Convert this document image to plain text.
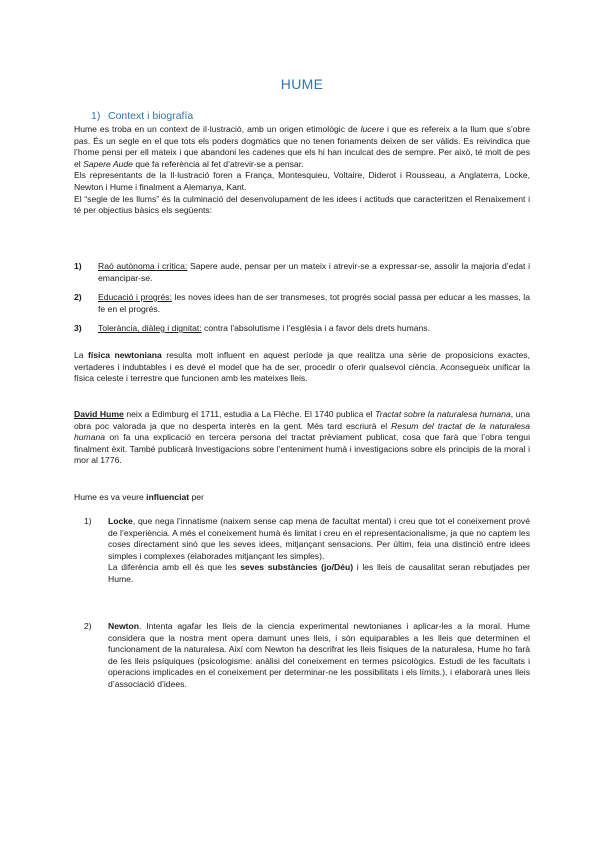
HUME
1) Context i biografía

Hume es troba en un context de il·lustració, amb un origen etimològic de lucere i que es refereix a la llum que s’obre pas. És un segle en el que tots els poders dogmàtics que no tenen fonaments deixen de ser vàlids. Es reivindica que l’home pensi per ell mateix i que abandoni les cadenes que els hi han inculcat des de sempre. Per això, té molt de pes el Sapere Aude que fa referència al fet d’atrevir-se a pensar.

Els representants de la Il·lustració foren a França, Montesquieu, Voltaire, Diderot i Rousseau, a Anglaterra, Locke, Newton i Hume i finalment a Alemanya, Kant.

El “segle de les llums” és la culminació del desenvolupament de les idees i actituds que caracteritzen el Renaixement i té per objectius bàsics els següents:

1) Raó autònoma i crítica: Sapere aude, pensar per un mateix i atrevir-se a expressar-se, assolir la majoria d’edat i emancipar-se.
2) Educació i progrés: les noves idees han de ser transmeses, tot progrés social passa per educar a les masses, la fe en el progrés.
3) Tolerància, diàleg i dignitat: contra l’absolutisme i l’església i a favor dels drets humans.

La física newtoniana resulta molt influent en aquest període ja que realitza una sèrie de proposicions exactes, vertaderes i indubtables i es devé el model que ha de ser, procedir o oferir qualsevol ciència. Aconsegueix unificar la física celeste i terrestre que funcionen amb les mateixes lleis.

David Hume neix a Edimburg el 1711, estudia a La Flèche. El 1740 publica el Tractat sobre la naturalesa humana, una obra poc valorada ja que no desperta interès en la gent. Més tard escriurà el Resum del tractat de la naturalesa humana on fa una explicació en tercera persona del tractat prèviament publicat, cosa que farà que l’obra tengui finalment èxit. També publicarà Investigacions sobre l’enteniment humà i investigacions sobre els principis de la moral i mor al 1776.

Hume es va veure influenciat per

1) Locke, que nega l’innatisme (naixem sense cap mena de facultat mental) i creu que tot el coneixement prové de l’experiència. A més el coneixement humà és limitat i creu en el representacionalisme, ja que no captem les coses directament sinó que les seves idees, mitjançant sensacions. Per últim, feia una distinció entre idees simples i complexes (elaborades mitjançant les simples).

La diferència amb ell és que les seves substàncies (jo/Déu) i les lleis de causalitat seran rebutjades per Hume.

2) Newton. Intenta agafar les lleis de la ciencia experimental newtonianes i aplicar-les a la moral. Hume considera que la nostra ment opera damunt unes lleis, i són equiparables a les lleis que determinen el funcionament de la naturalesa. Així com Newton ha descrifrat les lleis físiques de la naturalesa, Hume ho farà de les lleis psíquiques (psicologisme: anàlisi del coneixement en termes psicològics. Estudi de les facultats i operacions implicades en el coneixement per determinar-ne les possibilitats i els límits.), i elaborarà unes lleis d’associació d’idees.
